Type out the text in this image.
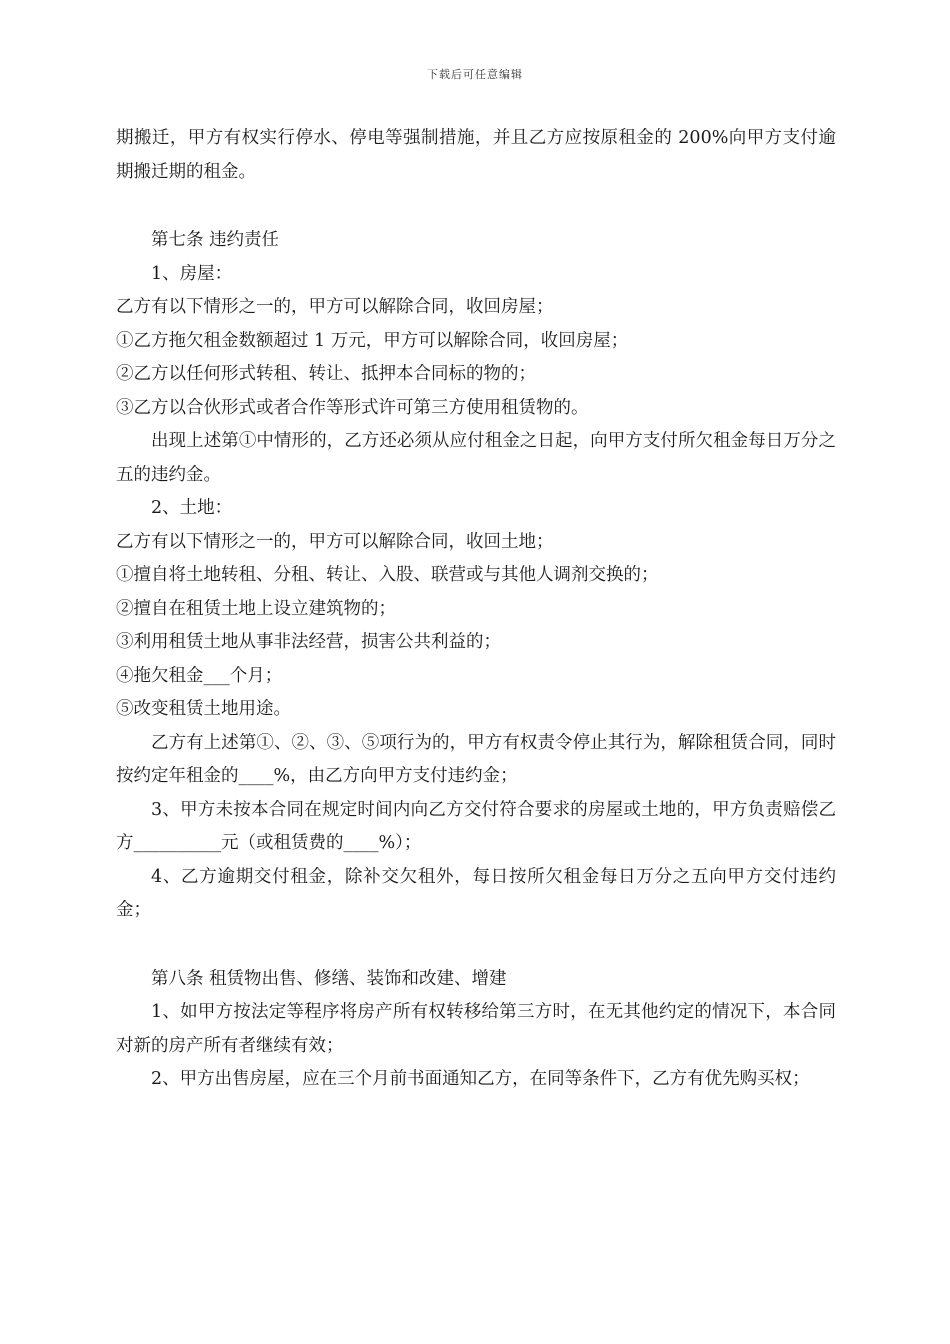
下载后可任意编辑

期搬迁，甲方有权实行停水、停电等强制措施，并且乙方应按原租金的 200%向甲方支付逾期搬迁期的租金。

第七条 违约责任

1、房屋：

乙方有以下情形之一的，甲方可以解除合同，收回房屋；

①乙方拖欠租金数额超过 1 万元，甲方可以解除合同，收回房屋；

②乙方以任何形式转租、转让、抵押本合同标的物的；

③乙方以合伙形式或者合作等形式许可第三方使用租赁物的。

出现上述第①中情形的，乙方还必须从应付租金之日起，向甲方支付所欠租金每日万分之五的违约金。

2、土地：

乙方有以下情形之一的，甲方可以解除合同，收回土地；

①擅自将土地转租、分租、转让、入股、联营或与其他人调剂交换的；

②擅自在租赁土地上设立建筑物的；

③利用租赁土地从事非法经营，损害公共利益的；

④拖欠租金___个月；

⑤改变租赁土地用途。

乙方有上述第①、②、③、⑤项行为的，甲方有权责令停止其行为，解除租赁合同，同时按约定年租金的____%，由乙方向甲方支付违约金；

3、甲方未按本合同在规定时间内向乙方交付符合要求的房屋或土地的，甲方负责赔偿乙方__________元（或租赁费的____%）；

4、乙方逾期交付租金，除补交欠租外，每日按所欠租金每日万分之五向甲方交付违约金；

第八条 租赁物出售、修缮、装饰和改建、增建

1、如甲方按法定等程序将房产所有权转移给第三方时，在无其他约定的情况下，本合同对新的房产所有者继续有效；

2、甲方出售房屋，应在三个月前书面通知乙方，在同等条件下，乙方有优先购买权；
